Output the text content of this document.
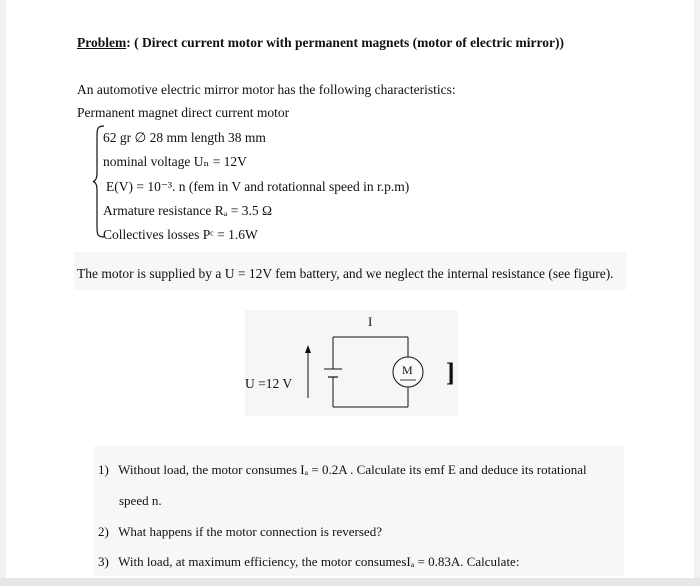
Problem: ( Direct current motor with permanent magnets (motor of electric mirror))
An automotive electric mirror motor has the following characteristics:
Permanent magnet direct current motor
62 gr ∅ 28 mm length 38 mm
nominal voltage Uₙ = 12V
E(V) = 10⁻³. n (fem in V and rotationnal speed in r.p.m)
Armature resistance Rₐ = 3.5 Ω
Collectives losses Pᶜ = 1.6W
The motor is supplied by a U = 12V fem battery, and we neglect the internal resistance (see figure).
I
U =12 V
M ]
1) Without load, the motor consumes Iₐ = 0.2A . Calculate its emf E and deduce its rotational
speed n.
2) What happens if the motor connection is reversed?
3) With load, at maximum efficiency, the motor consumesIₐ = 0.83A. Calculate:
